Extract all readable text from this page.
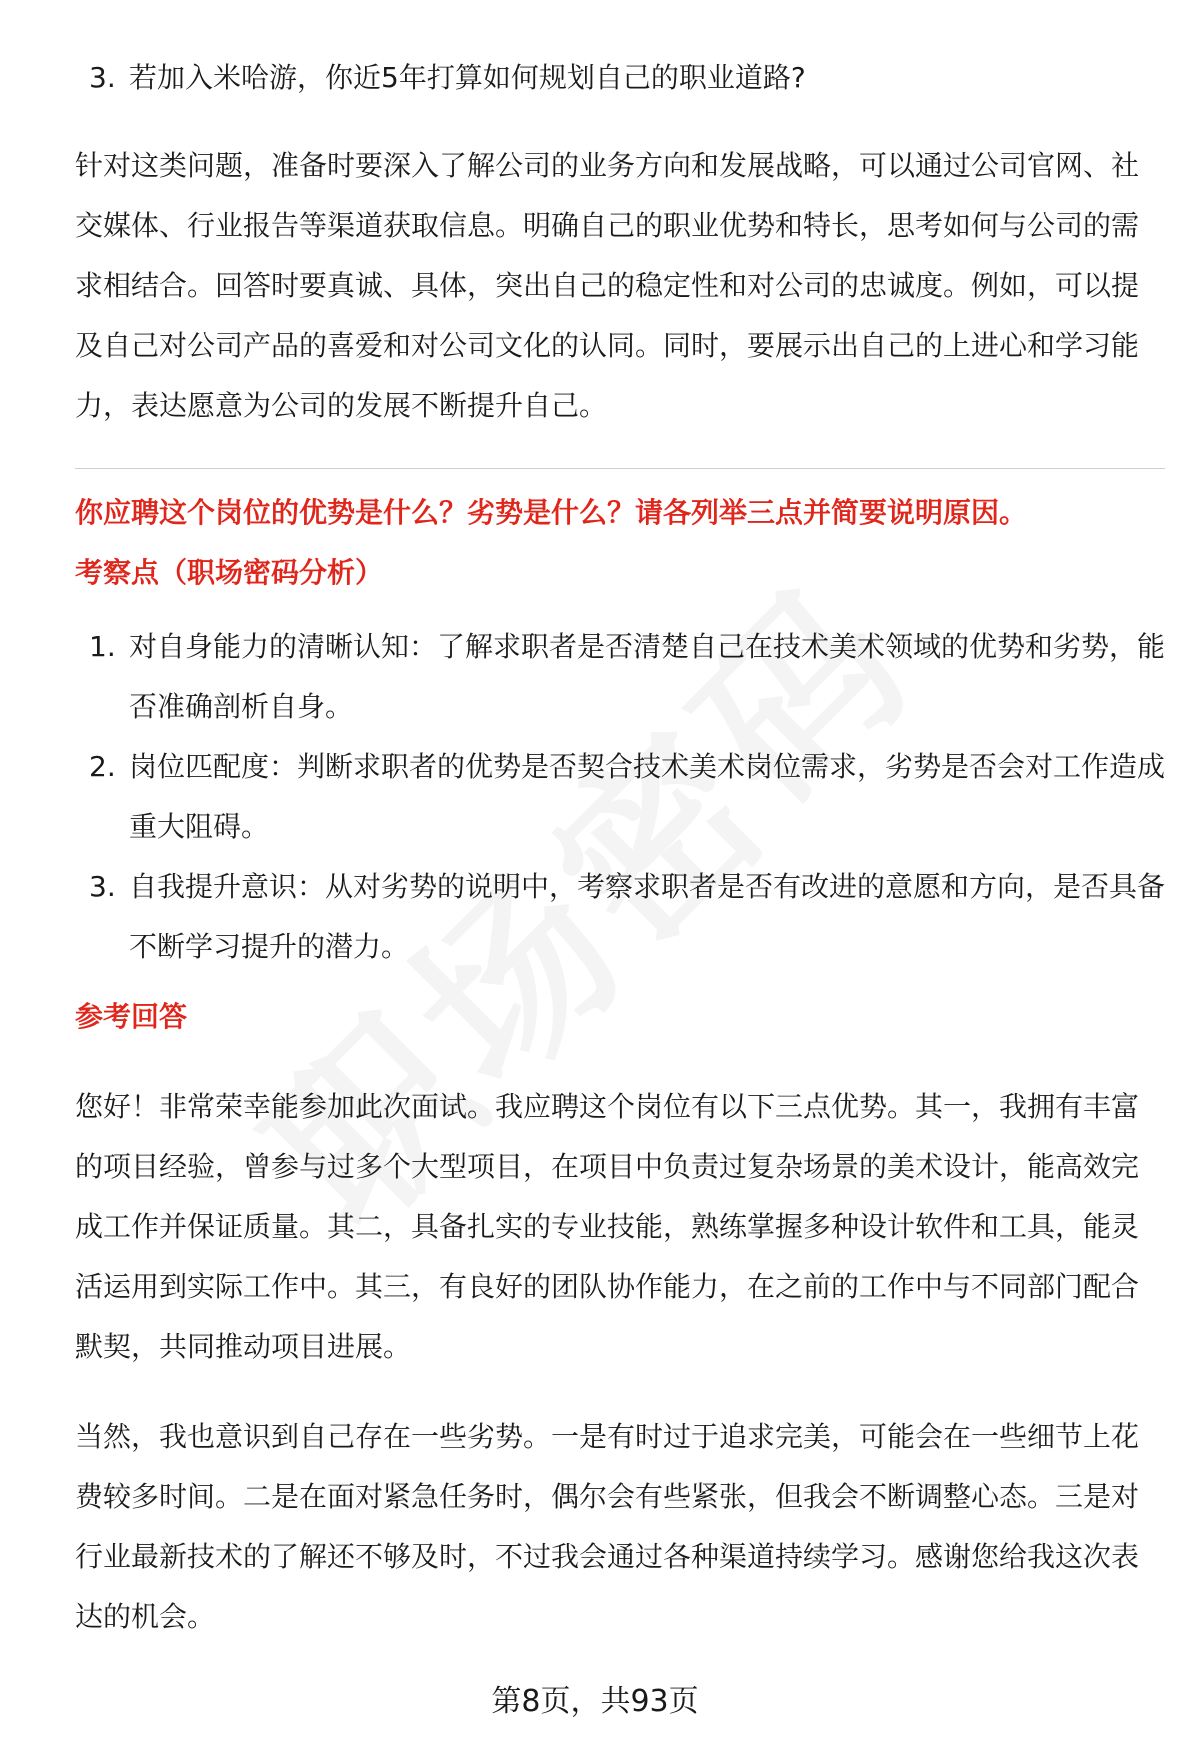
3. 若加入米哈游，你近5年打算如何规划自己的职业道路?

针对这类问题，准备时要深入了解公司的业务方向和发展战略，可以通过公司官网、社交媒体、行业报告等渠道获取信息。明确自己的职业优势和特长，思考如何与公司的需求相结合。回答时要真诚、具体，突出自己的稳定性和对公司的忠诚度。例如，可以提及自己对公司产品的喜爱和对公司文化的认同。同时，要展示出自己的上进心和学习能力，表达愿意为公司的发展不断提升自己。

你应聘这个岗位的优势是什么？劣势是什么？请各列举三点并简要说明原因。

考察点（职场密码分析）

1. 对自身能力的清晰认知：了解求职者是否清楚自己在技术美术领域的优势和劣势，能否准确剖析自身。
2. 岗位匹配度：判断求职者的优势是否契合技术美术岗位需求，劣势是否会对工作造成重大阻碍。
3. 自我提升意识：从对劣势的说明中，考察求职者是否有改进的意愿和方向，是否具备不断学习提升的潜力。

参考回答

您好！非常荣幸能参加此次面试。我应聘这个岗位有以下三点优势。其一，我拥有丰富的项目经验，曾参与过多个大型项目，在项目中负责过复杂场景的美术设计，能高效完成工作并保证质量。其二，具备扎实的专业技能，熟练掌握多种设计软件和工具，能灵活运用到实际工作中。其三，有良好的团队协作能力，在之前的工作中与不同部门配合默契，共同推动项目进展。

当然，我也意识到自己存在一些劣势。一是有时过于追求完美，可能会在一些细节上花费较多时间。二是在面对紧急任务时，偶尔会有些紧张，但我会不断调整心态。三是对行业最新技术的了解还不够及时，不过我会通过各种渠道持续学习。感谢您给我这次表达的机会。

第8页，共93页
